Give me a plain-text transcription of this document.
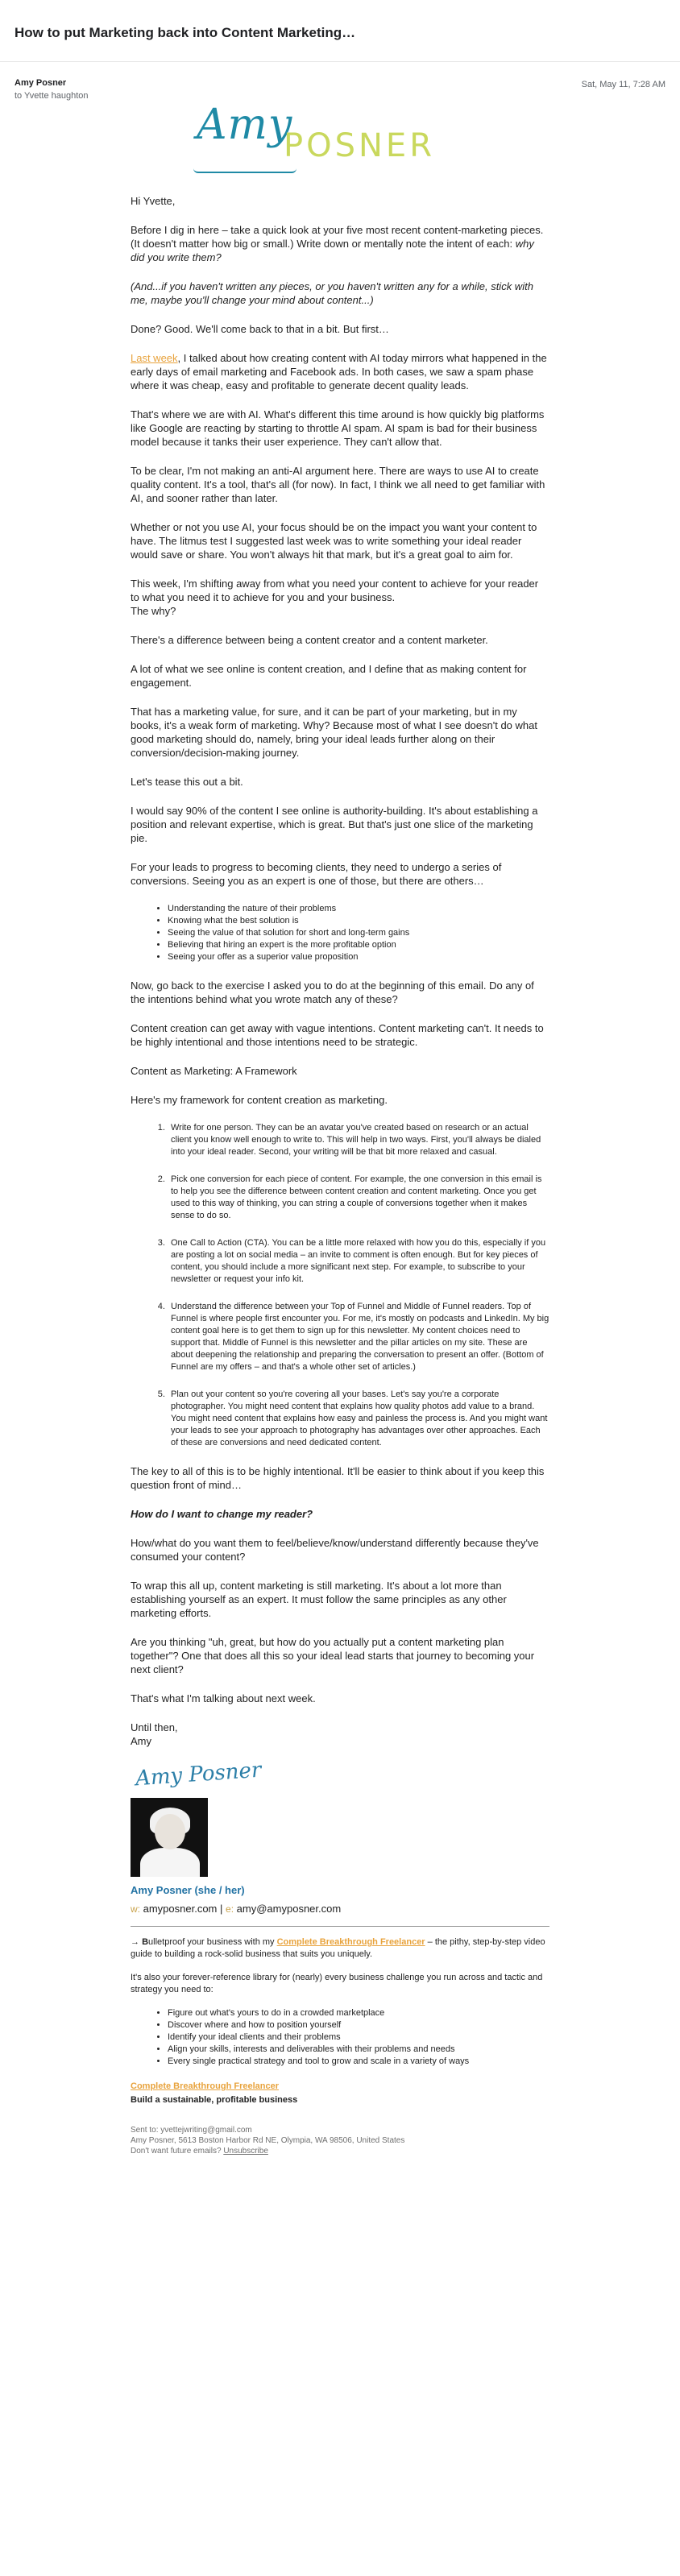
How to put Marketing back into Content Marketing…
Amy Posner
to Yvette haughton
Sat, May 11, 7:28 AM
Amy
POSNER

Hi Yvette,

Before I dig in here – take a quick look at your five most recent content-marketing pieces. (It doesn't matter how big or small.) Write down or mentally note the intent of each: why did you write them?

(And...if you haven't written any pieces, or you haven't written any for a while, stick with me, maybe you'll change your mind about content...)

Done? Good. We'll come back to that in a bit. But first…

Last week, I talked about how creating content with AI today mirrors what happened in the early days of email marketing and Facebook ads. In both cases, we saw a spam phase where it was cheap, easy and profitable to generate decent quality leads.

That's where we are with AI. What's different this time around is how quickly big platforms like Google are reacting by starting to throttle AI spam. AI spam is bad for their business model because it tanks their user experience. They can't allow that.

To be clear, I'm not making an anti-AI argument here. There are ways to use AI to create quality content. It's a tool, that's all (for now). In fact, I think we all need to get familiar with AI, and sooner rather than later.

Whether or not you use AI, your focus should be on the impact you want your content to have. The litmus test I suggested last week was to write something your ideal reader would save or share. You won't always hit that mark, but it's a great goal to aim for.

This week, I'm shifting away from what you need your content to achieve for your reader to what you need it to achieve for you and your business.
The why?

There's a difference between being a content creator and a content marketer.

A lot of what we see online is content creation, and I define that as making content for engagement.

That has a marketing value, for sure, and it can be part of your marketing, but in my books, it's a weak form of marketing. Why? Because most of what I see doesn't do what good marketing should do, namely, bring your ideal leads further along on their conversion/decision-making journey.

Let's tease this out a bit.

I would say 90% of the content I see online is authority-building. It's about establishing a position and relevant expertise, which is great. But that's just one slice of the marketing pie.

For your leads to progress to becoming clients, they need to undergo a series of conversions. Seeing you as an expert is one of those, but there are others…

• Understanding the nature of their problems
• Knowing what the best solution is
• Seeing the value of that solution for short and long-term gains
• Believing that hiring an expert is the more profitable option
• Seeing your offer as a superior value proposition

Now, go back to the exercise I asked you to do at the beginning of this email. Do any of the intentions behind what you wrote match any of these?

Content creation can get away with vague intentions. Content marketing can't. It needs to be highly intentional and those intentions need to be strategic.

Content as Marketing: A Framework

Here's my framework for content creation as marketing.

1. Write for one person. They can be an avatar you've created based on research or an actual client you know well enough to write to. This will help in two ways. First, you'll always be dialed into your ideal reader. Second, your writing will be that bit more relaxed and casual.
2. Pick one conversion for each piece of content. For example, the one conversion in this email is to help you see the difference between content creation and content marketing. Once you get used to this way of thinking, you can string a couple of conversions together when it makes sense to do so.
3. One Call to Action (CTA). You can be a little more relaxed with how you do this, especially if you are posting a lot on social media – an invite to comment is often enough. But for key pieces of content, you should include a more significant next step. For example, to subscribe to your newsletter or request your info kit.
4. Understand the difference between your Top of Funnel and Middle of Funnel readers. Top of Funnel is where people first encounter you. For me, it's mostly on podcasts and LinkedIn. My big content goal here is to get them to sign up for this newsletter. My content choices need to support that. Middle of Funnel is this newsletter and the pillar articles on my site. These are about deepening the relationship and preparing the conversation to present an offer. (Bottom of Funnel are my offers – and that's a whole other set of articles.)
5. Plan out your content so you're covering all your bases. Let's say you're a corporate photographer. You might need content that explains how quality photos add value to a brand. You might need content that explains how easy and painless the process is. And you might want your leads to see your approach to photography has advantages over other approaches. Each of these are conversions and need dedicated content.

The key to all of this is to be highly intentional. It'll be easier to think about if you keep this question front of mind…

How do I want to change my reader?

How/what do you want them to feel/believe/know/understand differently because they've consumed your content?

To wrap this all up, content marketing is still marketing. It's about a lot more than establishing yourself as an expert. It must follow the same principles as any other marketing efforts.

Are you thinking "uh, great, but how do you actually put a content marketing plan together"? One that does all this so your ideal lead starts that journey to becoming your next client?

That's what I'm talking about next week.

Until then,
Amy

Amy Posner
Amy Posner (she / her)
w: amyposner.com | e: amy@amyposner.com
→ Bulletproof your business with my Complete Breakthrough Freelancer – the pithy, step-by-step video guide to building a rock-solid business that suits you uniquely.
It's also your forever-reference library for (nearly) every business challenge you run across and tactic and strategy you need to:
• Figure out what's yours to do in a crowded marketplace
• Discover where and how to position yourself
• Identify your ideal clients and their problems
• Align your skills, interests and deliverables with their problems and needs
• Every single practical strategy and tool to grow and scale in a variety of ways
Complete Breakthrough Freelancer
Build a sustainable, profitable business
Sent to: yvettejwriting@gmail.com
Amy Posner, 5613 Boston Harbor Rd NE, Olympia, WA 98506, United States
Don't want future emails? Unsubscribe
